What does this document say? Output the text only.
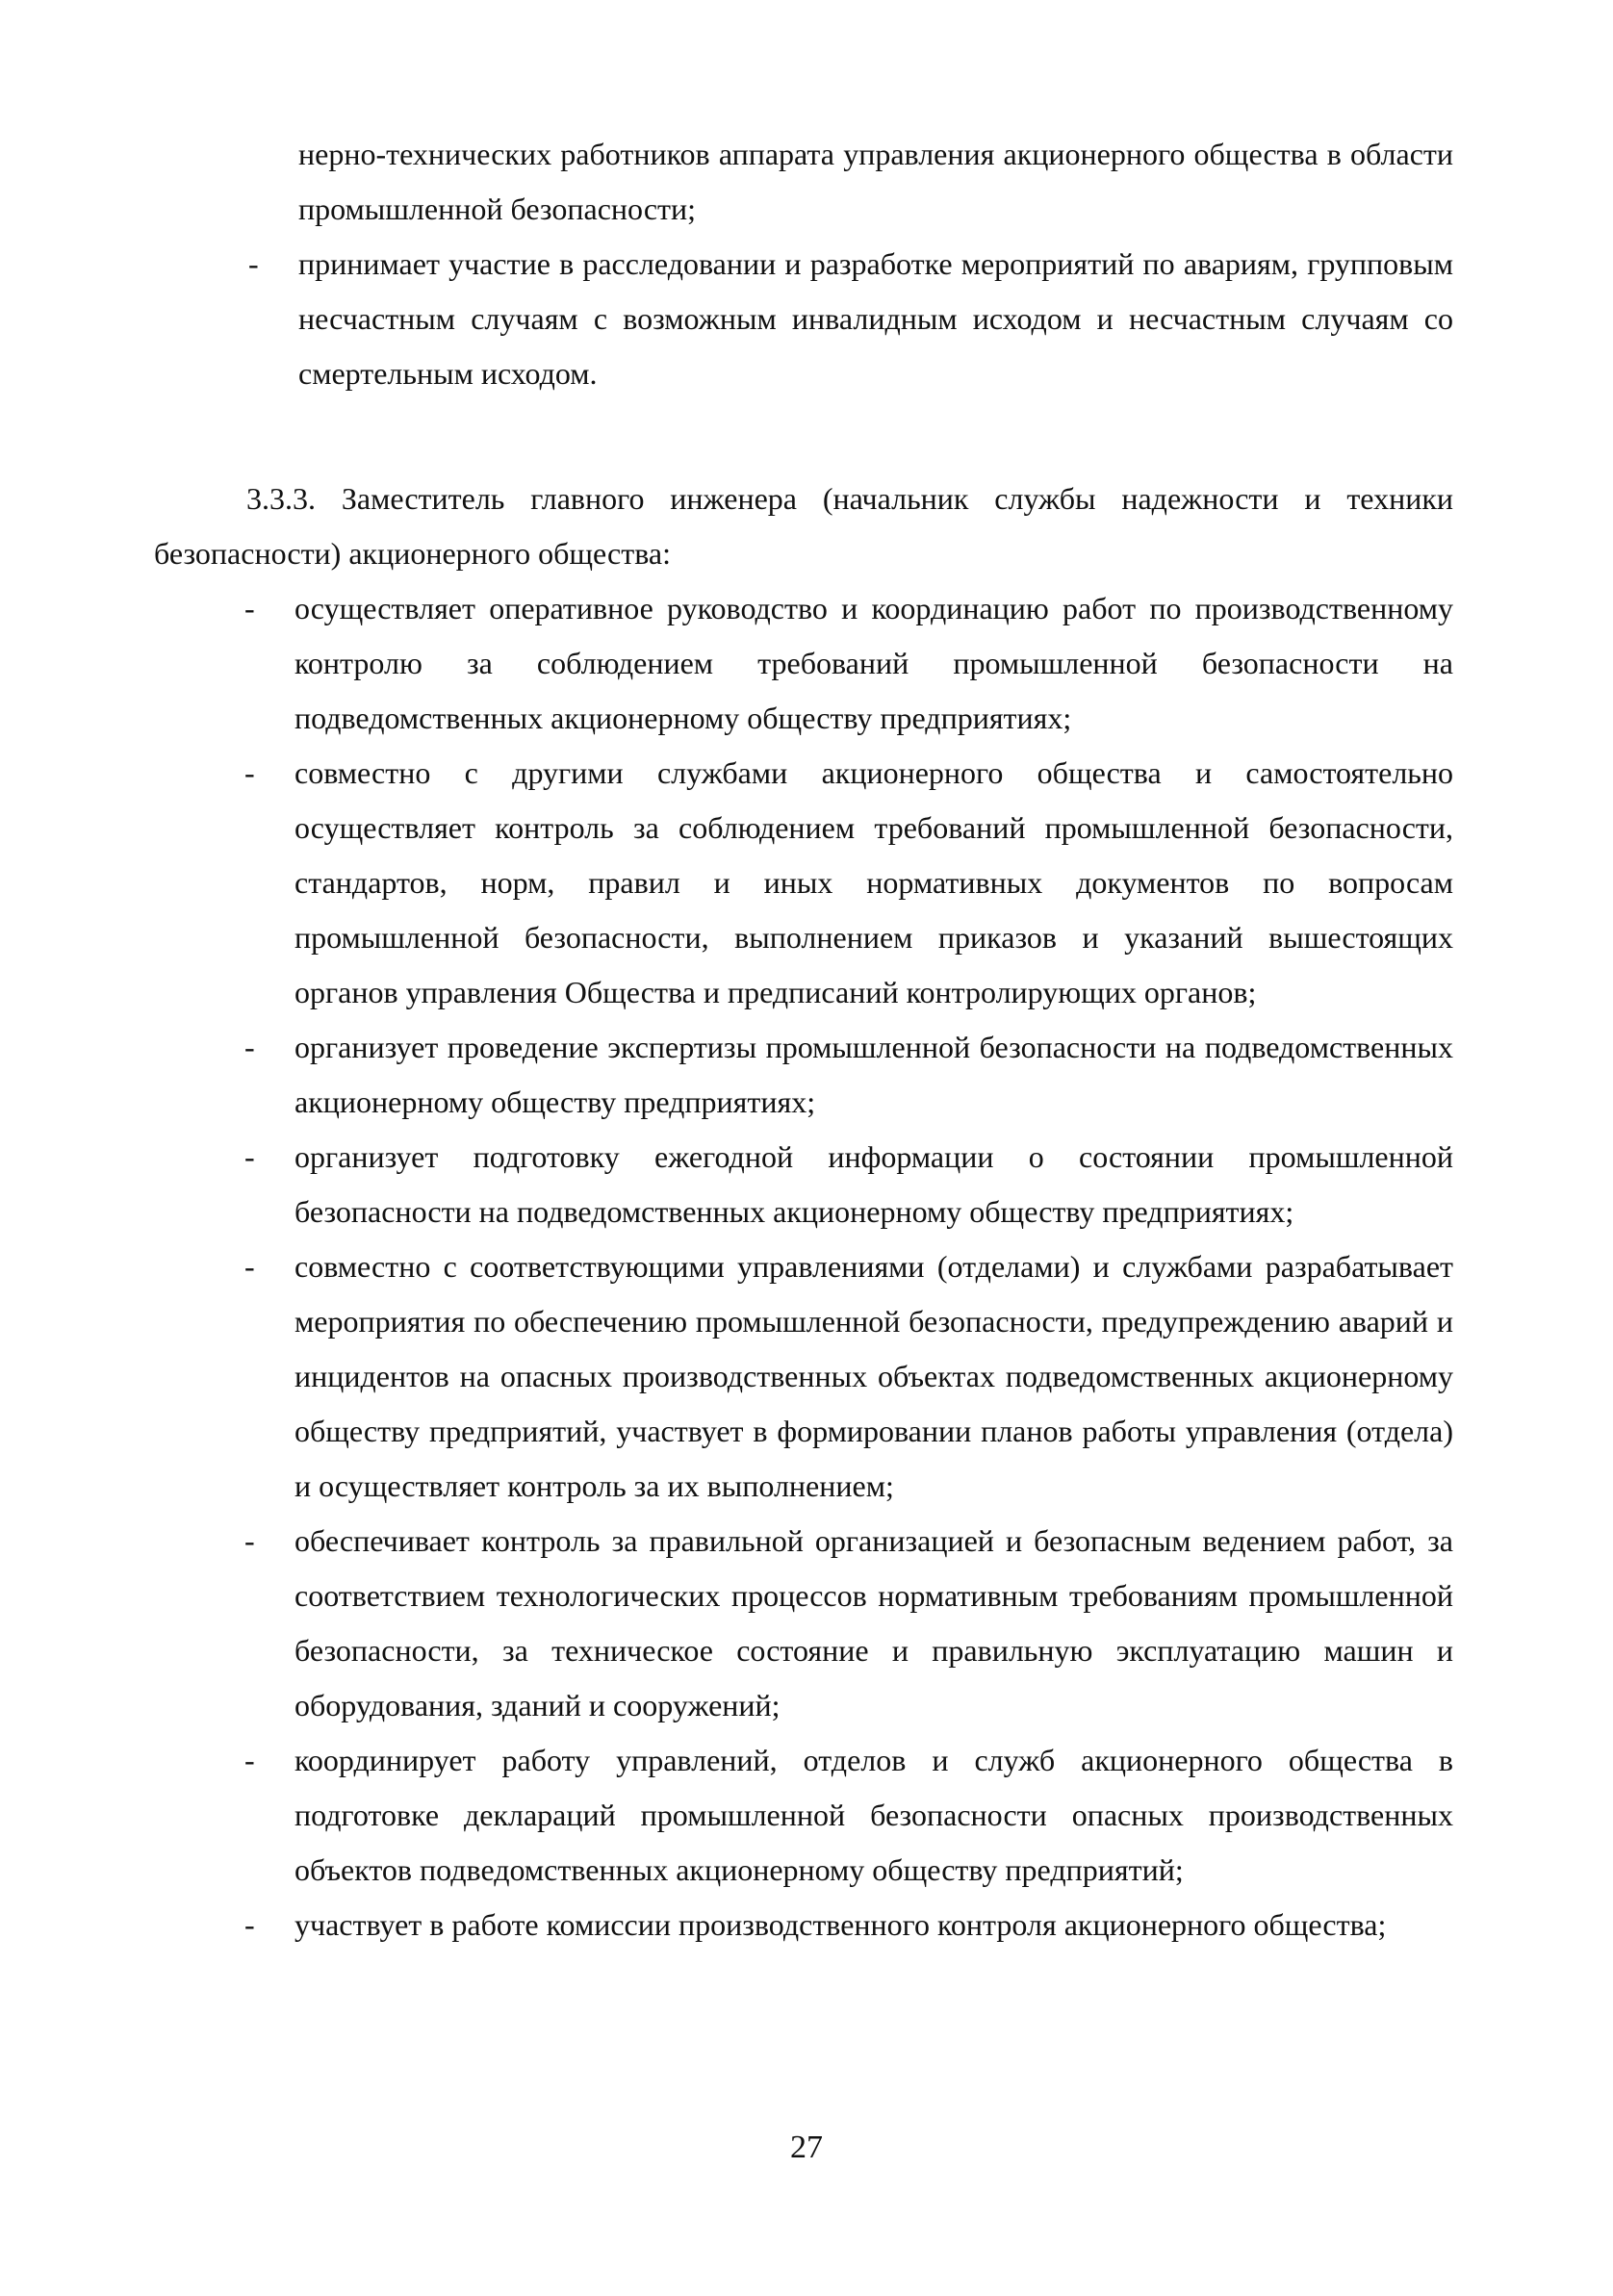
нерно-технических работников аппарата управления акционерного общества в области промышленной безопасности;
- принимает участие в расследовании и разработке мероприятий по авариям, групповым несчастным случаям с возможным инвалидным исходом и несчастным случаям со смертельным исходом.
3.3.3. Заместитель главного инженера (начальник службы надежности и техники безопасности) акционерного общества:
- осуществляет оперативное руководство и координацию работ по производственному контролю за соблюдением требований промышленной безопасности на подведомственных акционерному обществу предприятиях;
- совместно с другими службами акционерного общества и самостоятельно осуществляет контроль за соблюдением требований промышленной безопасности, стандартов, норм, правил и иных нормативных документов по вопросам промышленной безопасности, выполнением приказов и указаний вышестоящих органов управления Общества и предписаний контролирующих органов;
- организует проведение экспертизы промышленной безопасности на подведомственных акционерному обществу предприятиях;
- организует подготовку ежегодной информации о состоянии промышленной безопасности на подведомственных акционерному обществу предприятиях;
- совместно с соответствующими управлениями (отделами) и службами разрабатывает мероприятия по обеспечению промышленной безопасности, предупреждению аварий и инцидентов на опасных производственных объектах подведомственных акционерному обществу предприятий, участвует в формировании планов работы управления (отдела) и осуществляет контроль за их выполнением;
- обеспечивает контроль за правильной организацией и безопасным ведением работ, за соответствием технологических процессов нормативным требованиям промышленной безопасности, за техническое состояние и правильную эксплуатацию машин и оборудования, зданий и сооружений;
- координирует работу управлений, отделов и служб акционерного общества в подготовке деклараций промышленной безопасности опасных производственных объектов подведомственных акционерному обществу предприятий;
- участвует в работе комиссии производственного контроля акционерного общества;
27
